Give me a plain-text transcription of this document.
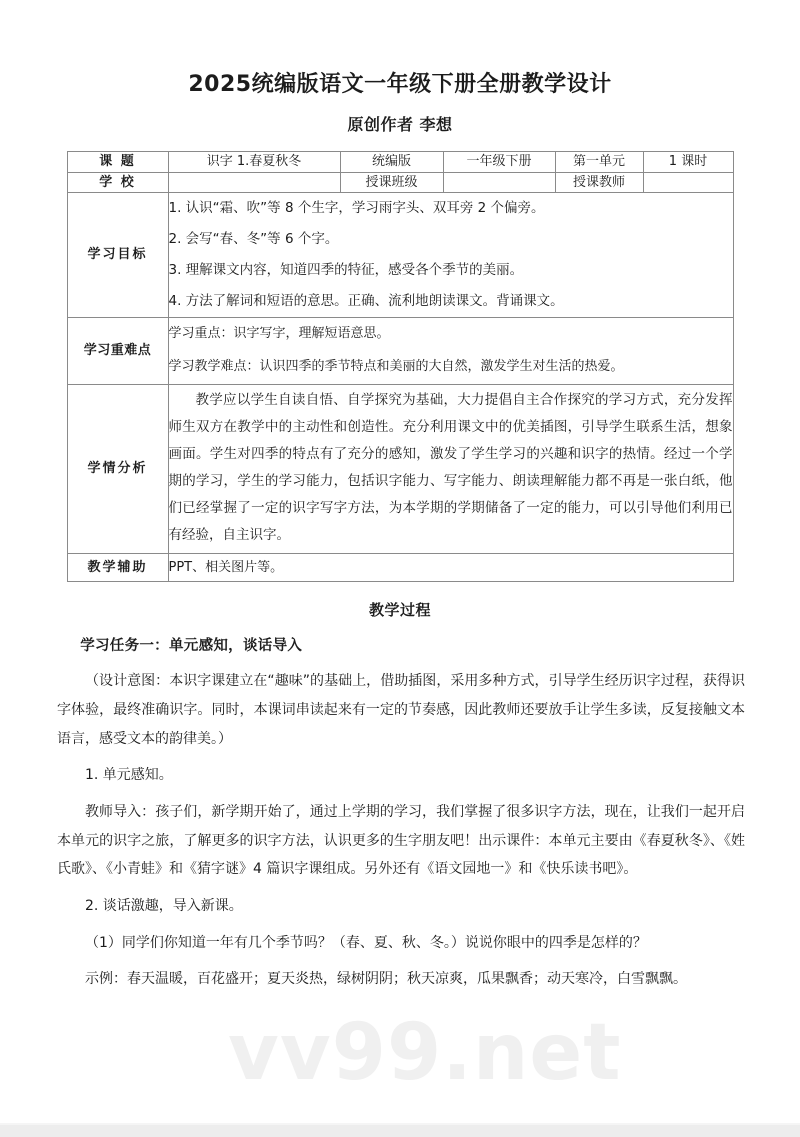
vv99.net
2025统编版语文一年级下册全册教学设计
原创作者 李想
课 题	识字 1.春夏秋冬	统编版	一年级下册	第一单元	1 课时
学 校		授课班级		授课教师	
学习目标	1. 认识“霜、吹”等 8 个生字，学习雨字头、双耳旁 2 个偏旁。
2. 会写“春、冬”等 6 个字。
3. 理解课文内容，知道四季的特征，感受各个季节的美丽。
4. 方法了解词和短语的意思。正确、流利地朗读课文。背诵课文。				

学习重难点	学习重点：识字写字，理解短语意思。
学习教学难点：认识四季的季节特点和美丽的大自然，激发学生对生活的热爱。				

学情分析	教学应以学生自读自悟、自学探究为基础，大力提倡自主合作探究的学习方式，充分发挥师生双方在教学中的主动性和创造性。充分利用课文中的优美插图，引导学生联系生活，想象画面。学生对四季的特点有了充分的感知，激发了学生学习的兴趣和识字的热情。经过一个学期的学习，学生的学习能力，包括识字能力、写字能力、朗读理解能力都不再是一张白纸，他们已经掌握了一定的识字写字方法，为本学期的学期储备了一定的能力，可以引导他们利用已有经验，自主识字。				

教学辅助	PPT、相关图片等。				
教学过程
学习任务一：单元感知，谈话导入

（设计意图：本识字课建立在“趣味”的基础上，借助插图，采用多种方式，引导学生经历识字过程，获得识字体验，最终准确识字。同时，本课词串读起来有一定的节奏感，因此教师还要放手让学生多读，反复接触文本语言，感受文本的韵律美。）

1. 单元感知。

教师导入：孩子们，新学期开始了，通过上学期的学习，我们掌握了很多识字方法，现在，让我们一起开启本单元的识字之旅，了解更多的识字方法，认识更多的生字朋友吧！出示课件：本单元主要由《春夏秋冬》、《姓氏歌》、《小青蛙》和《猜字谜》4 篇识字课组成。另外还有《语文园地一》和《快乐读书吧》。

2. 谈话激趣，导入新课。

（1）同学们你知道一年有几个季节吗？（春、夏、秋、冬。）说说你眼中的四季是怎样的？

示例：春天温暖，百花盛开；夏天炎热，绿树阴阴；秋天凉爽，瓜果飘香；动天寒冷，白雪飘飘。
